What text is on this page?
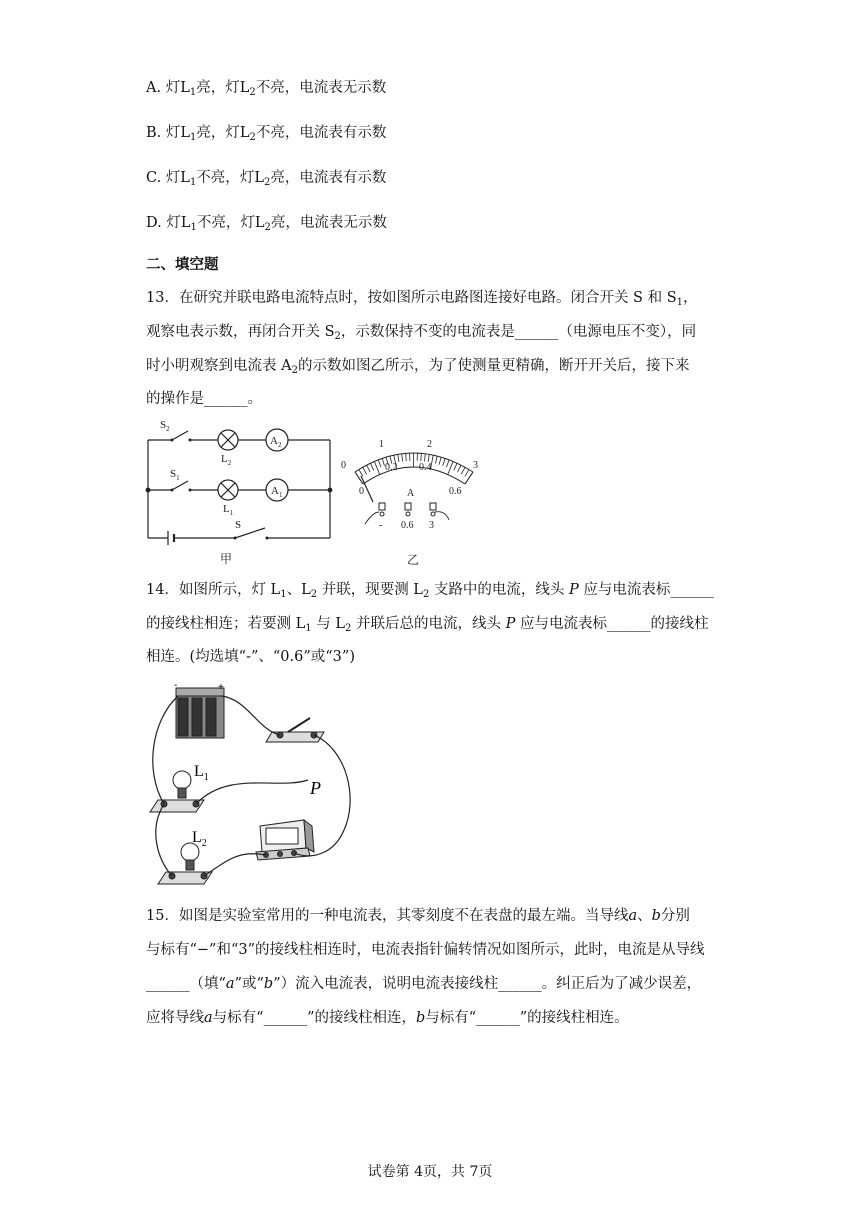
A. 灯$L_1$亮，灯$L_2$不亮，电流表无示数
B. 灯$L_1$亮，灯$L_2$不亮，电流表有示数
C. 灯$L_1$不亮，灯$L_2$亮，电流表有示数
D. 灯$L_1$不亮，灯$L_2$亮，电流表无示数
二、填空题
13．在研究并联电路电流特点时，按如图所示电路图连接好电路。闭合开关 S 和 $S_1$，
观察电表示数，再闭合开关 $S_2$，示数保持不变的电流表是______（电源电压不变），同
时小明观察到电流表 $A_2$的示数如图乙所示，为了使测量更精确，断开开关后，接下来
的操作是______。
$S_2$
$L_2$
$A_2$
$S_1$
$L_1$
$A_1$
S
甲
0
1	2
3
0
0.2 0.4
0.6
A
- 0.6 3
乙
14．如图所示，灯 $L_1$、$L_2$ 并联，现要测 $L_2$ 支路中的电流，线头 P 应与电流表标______
的接线柱相连；若要测 $L_1$ 与 $L_2$ 并联后总的电流，线头 P 应与电流表标______的接线柱
相连。(均选填“-”、“0.6”或“3”)
-	+
$L_1$
$L_2$
P
15．如图是实验室常用的一种电流表，其零刻度不在表盘的最左端。当导线a、b分别
与标有“−”和“3”的接线柱相连时，电流表指针偏转情况如图所示，此时，电流是从导线
______（填“a”或“b”）流入电流表，说明电流表接线柱______。纠正后为了减少误差，
应将导线a与标有“______”的接线柱相连，b与标有“______”的接线柱相连。
试卷第 4页，共 7页
